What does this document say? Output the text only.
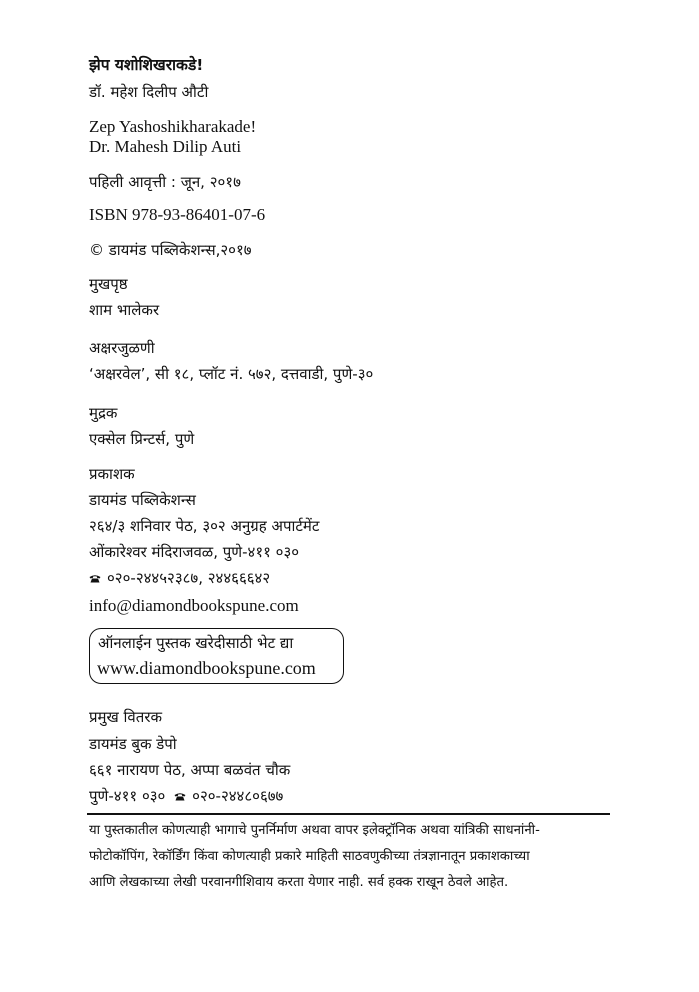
झेप यशोशिखराकडे!
डॉ. महेश दिलीप औटी
Zep Yashoshikharakade!
Dr. Mahesh Dilip Auti
पहिली आवृत्ती : जून, २०१७
ISBN 978-93-86401-07-6
© डायमंड पब्लिकेशन्स,२०१७
मुखपृष्ठ
शाम भालेकर
अक्षरजुळणी
‘अक्षरवेल’, सी १८, प्लॉट नं. ५७२, दत्तवाडी, पुणे-३०
मुद्रक
एक्सेल प्रिन्टर्स, पुणे
प्रकाशक
डायमंड पब्लिकेशन्स
२६४/३ शनिवार पेठ, ३०२ अनुग्रह अपार्टमेंट
ओंकारेश्वर मंदिराजवळ, पुणे-४११ ०३०
०२०-२४४५२३८७, २४४६६६४२
info@diamondbookspune.com
ऑनलाईन पुस्तक खरेदीसाठी भेट द्या
www.diamondbookspune.com
प्रमुख वितरक
डायमंड बुक डेपो
६६१ नारायण पेठ, अप्पा बळवंत चौक
पुणे-४११ ०३० ०२०-२४४८०६७७
या पुस्तकातील कोणत्याही भागाचे पुनर्निर्माण अथवा वापर इलेक्ट्रॉनिक अथवा यांत्रिकी साधनांनी-
फोटोकॉपिंग, रेकॉर्डिंग किंवा कोणत्याही प्रकारे माहिती साठवणुकीच्या तंत्रज्ञानातून प्रकाशकाच्या
आणि लेखकाच्या लेखी परवानगीशिवाय करता येणार नाही. सर्व हक्क राखून ठेवले आहेत.
